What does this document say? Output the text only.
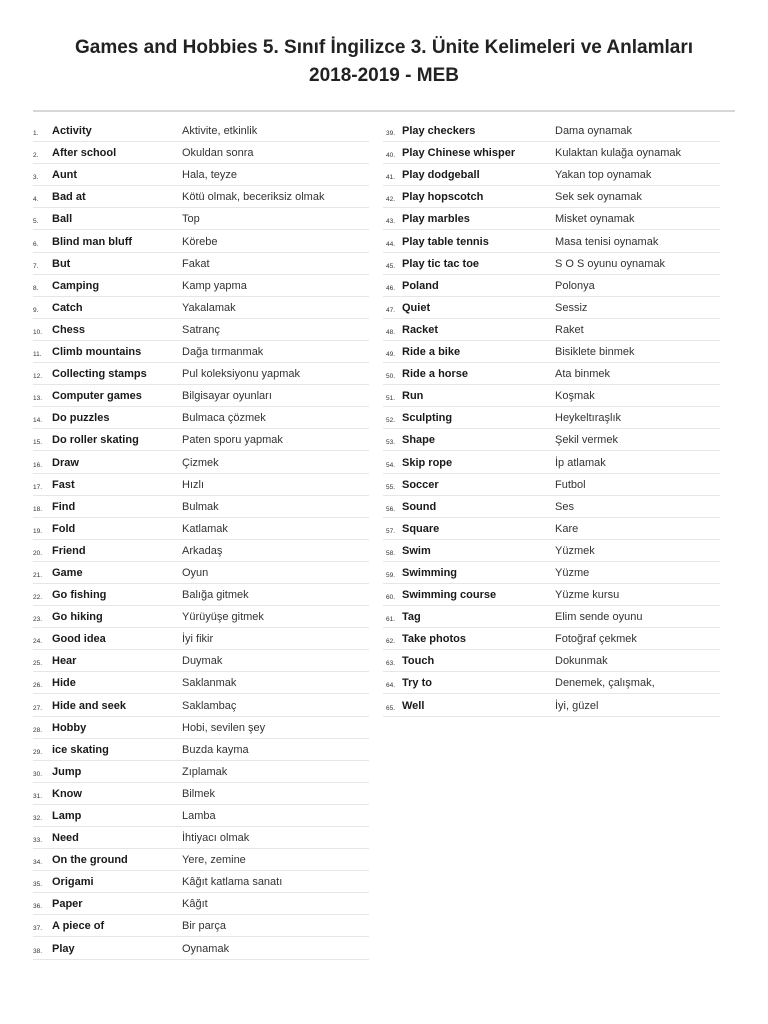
Games and Hobbies 5. Sınıf İngilizce 3. Ünite Kelimeleri ve Anlamları
2018-2019 - MEB
1. Activity	Aktivite, etkinlik
2. After school	Okuldan sonra
3. Aunt	Hala, teyze
4. Bad at	Kötü olmak, beceriksiz olmak
5. Ball	Top
6. Blind man bluff	Körebe
7. But	Fakat
8. Camping	Kamp yapma
9. Catch	Yakalamak
10. Chess	Satranç
11. Climb mountains	Dağa tırmanmak
12. Collecting stamps	Pul koleksiyonu yapmak
13. Computer games	Bilgisayar oyunları
14. Do puzzles	Bulmaca çözmek
15. Do roller skating	Paten sporu yapmak
16. Draw	Çizmek
17. Fast	Hızlı
18. Find	Bulmak
19. Fold	Katlamak
20. Friend	Arkadaş
21. Game	Oyun
22. Go fishing	Balığa gitmek
23. Go hiking	Yürüyüşe gitmek
24. Good idea	İyi fikir
25. Hear	Duymak
26. Hide	Saklanmak
27. Hide and seek	Saklambaç
28. Hobby	Hobi, sevilen şey
29. ice skating	Buzda kayma
30. Jump	Zıplamak
31. Know	Bilmek
32. Lamp	Lamba
33. Need	İhtiyacı olmak
34. On the ground	Yere, zemine
35. Origami	Kâğıt katlama sanatı
36. Paper	Kâğıt
37. A piece of	Bir parça
38. Play	Oynamak
39. Play checkers	Dama oynamak
40. Play Chinese whisper	Kulaktan kulağa oynamak
41. Play dodgeball	Yakan top oynamak
42. Play hopscotch	Sek sek oynamak
43. Play marbles	Misket oynamak
44. Play table tennis	Masa tenisi oynamak
45. Play tic tac toe	S O S oyunu oynamak
46. Poland	Polonya
47. Quiet	Sessiz
48. Racket	Raket
49. Ride a bike	Bisiklete binmek
50. Ride a horse	Ata binmek
51. Run	Koşmak
52. Sculpting	Heykeltıraşlık
53. Shape	Şekil vermek
54. Skip rope	İp atlamak
55. Soccer	Futbol
56. Sound	Ses
57. Square	Kare
58. Swim	Yüzmek
59. Swimming	Yüzme
60. Swimming course	Yüzme kursu
61. Tag	Elim sende oyunu
62. Take photos	Fotoğraf çekmek
63. Touch	Dokunmak
64. Try to	Denemek, çalışmak,
65. Well	İyi, güzel
